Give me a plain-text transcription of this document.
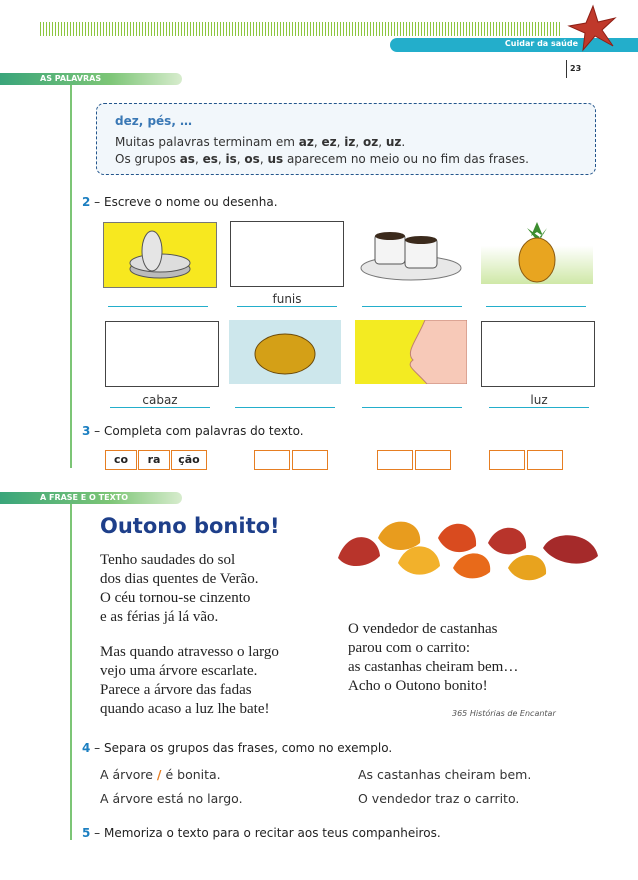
Cuidar da saúde
23
AS PALAVRAS
dez, pés, …
Muitas palavras terminam em az, ez, iz, oz, uz.
Os grupos as, es, is, os, us aparecem no meio ou no fim das frases.
2 – Escreve o nome ou desenha.
funis
cabaz	luz
3 – Completa com palavras do texto.
co	ra	ção
A FRASE E O TEXTO
Outono bonito!
Tenho saudades do sol
dos dias quentes de Verão.
O céu tornou-se cinzento
e as férias já lá vão.
Mas quando atravesso o largo
vejo uma árvore escarlate.
Parece a árvore das fadas
quando acaso a luz lhe bate!
O vendedor de castanhas
parou com o carrito:
as castanhas cheiram bem…
Acho o Outono bonito!
365 Histórias de Encantar
4 – Separa os grupos das frases, como no exemplo.
A árvore / é bonita.
A árvore está no largo.
As castanhas cheiram bem.
O vendedor traz o carrito.
5 – Memoriza o texto para o recitar aos teus companheiros.
